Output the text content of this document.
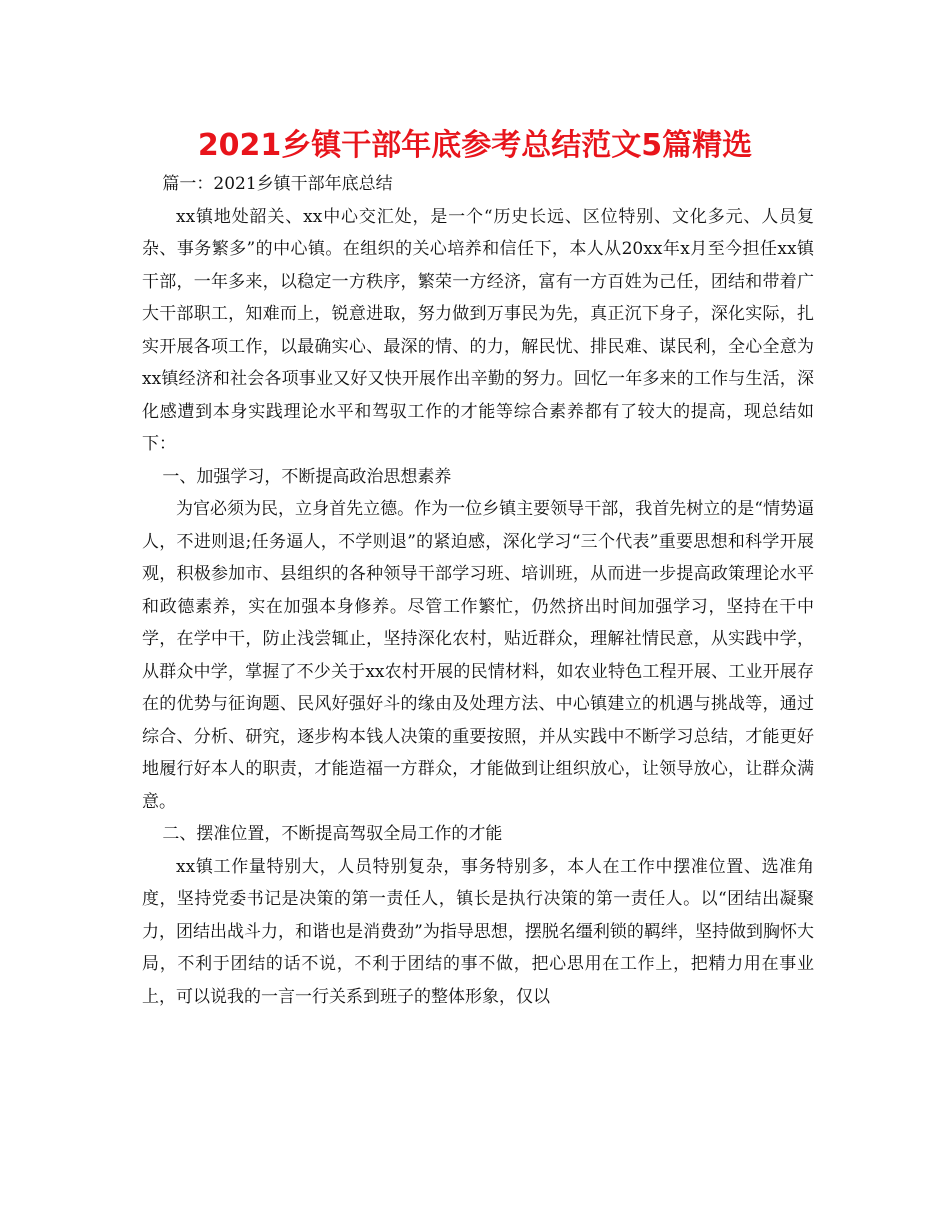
2021乡镇干部年底参考总结范文5篇精选

篇一：2021乡镇干部年底总结

xx镇地处韶关、xx中心交汇处，是一个“历史长远、区位特别、文化多元、人员复杂、事务繁多”的中心镇。在组织的关心培养和信任下，本人从20xx年x月至今担任xx镇干部，一年多来，以稳定一方秩序，繁荣一方经济，富有一方百姓为己任，团结和带着广大干部职工，知难而上，锐意进取，努力做到万事民为先，真正沉下身子，深化实际，扎实开展各项工作，以最确实心、最深的情、的力，解民忧、排民难、谋民利，全心全意为xx镇经济和社会各项事业又好又快开展作出辛勤的努力。回忆一年多来的工作与生活，深化感遭到本身实践理论水平和驾驭工作的才能等综合素养都有了较大的提高，现总结如下：

一、加强学习，不断提高政治思想素养

为官必须为民，立身首先立德。作为一位乡镇主要领导干部，我首先树立的是“情势逼人，不进则退;任务逼人，不学则退”的紧迫感，深化学习“三个代表”重要思想和科学开展观，积极参加市、县组织的各种领导干部学习班、培训班，从而进一步提高政策理论水平和政德素养，实在加强本身修养。尽管工作繁忙，仍然挤出时间加强学习，坚持在干中学，在学中干，防止浅尝辄止，坚持深化农村，贴近群众，理解社情民意，从实践中学，从群众中学，掌握了不少关于xx农村开展的民情材料，如农业特色工程开展、工业开展存在的优势与征询题、民风好强好斗的缘由及处理方法、中心镇建立的机遇与挑战等，通过综合、分析、研究，逐步构本钱人决策的重要按照，并从实践中不断学习总结，才能更好地履行好本人的职责，才能造福一方群众，才能做到让组织放心，让领导放心，让群众满意。

二、摆准位置，不断提高驾驭全局工作的才能

xx镇工作量特别大，人员特别复杂，事务特别多，本人在工作中摆准位置、选准角度，坚持党委书记是决策的第一责任人，镇长是执行决策的第一责任人。以“团结出凝聚力，团结出战斗力，和谐也是消费劲”为指导思想，摆脱名缰利锁的羁绊，坚持做到胸怀大局，不利于团结的话不说，不利于团结的事不做，把心思用在工作上，把精力用在事业上，可以说我的一言一行关系到班子的整体形象，仅以
